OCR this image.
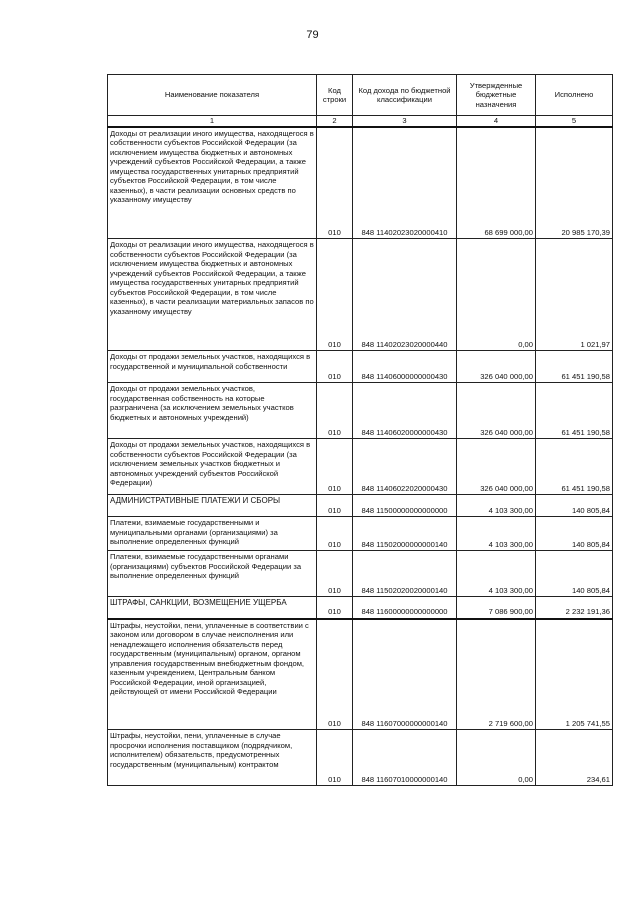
79
Наименование показателя	Код строки	Код дохода по бюджетной классификации	Утвержденные бюджетные назначения	Исполнено
1	2	3	4	5
Доходы от реализации иного имущества, находящегося в собственности субъектов Российской Федерации (за исключением имущества бюджетных и автономных учреждений субъектов Российской Федерации, а также имущества государственных унитарных предприятий субъектов Российской Федерации, в том числе казенных), в части реализации основных средств по указанному имуществу	010	848 11402023020000410	68 699 000,00	20 985 170,39
Доходы от реализации иного имущества, находящегося в собственности субъектов Российской Федерации (за исключением имущества бюджетных и автономных учреждений субъектов Российской Федерации, а также имущества государственных унитарных предприятий субъектов Российской Федерации, в том числе казенных), в части реализации материальных запасов по указанному имуществу	010	848 11402023020000440	0,00	1 021,97
Доходы от продажи земельных участков, находящихся в государственной и муниципальной собственности	010	848 11406000000000430	326 040 000,00	61 451 190,58
Доходы от продажи земельных участков, государственная собственность на которые разграничена (за исключением земельных участков бюджетных и автономных учреждений)	010	848 11406020000000430	326 040 000,00	61 451 190,58
Доходы от продажи земельных участков, находящихся в собственности субъектов Российской Федерации (за исключением земельных участков бюджетных и автономных учреждений субъектов Российской Федерации)	010	848 11406022020000430	326 040 000,00	61 451 190,58
АДМИНИСТРАТИВНЫЕ ПЛАТЕЖИ И СБОРЫ	010	848 11500000000000000	4 103 300,00	140 805,84
Платежи, взимаемые государственными и муниципальными органами (организациями) за выполнение определенных функций	010	848 11502000000000140	4 103 300,00	140 805,84
Платежи, взимаемые государственными органами (организациями) субъектов Российской Федерации за выполнение определенных функций	010	848 11502020020000140	4 103 300,00	140 805,84
ШТРАФЫ, САНКЦИИ, ВОЗМЕЩЕНИЕ УЩЕРБА	010	848 11600000000000000	7 086 900,00	2 232 191,36
Штрафы, неустойки, пени, уплаченные в соответствии с законом или договором в случае неисполнения или ненадлежащего исполнения обязательств перед государственным (муниципальным) органом, органом управления государственным внебюджетным фондом, казенным учреждением, Центральным банком Российской Федерации, иной организацией, действующей от имени Российской Федерации	010	848 11607000000000140	2 719 600,00	1 205 741,55
Штрафы, неустойки, пени, уплаченные в случае просрочки исполнения поставщиком (подрядчиком, исполнителем) обязательств, предусмотренных государственным (муниципальным) контрактом	010	848 11607010000000140	0,00	234,61
